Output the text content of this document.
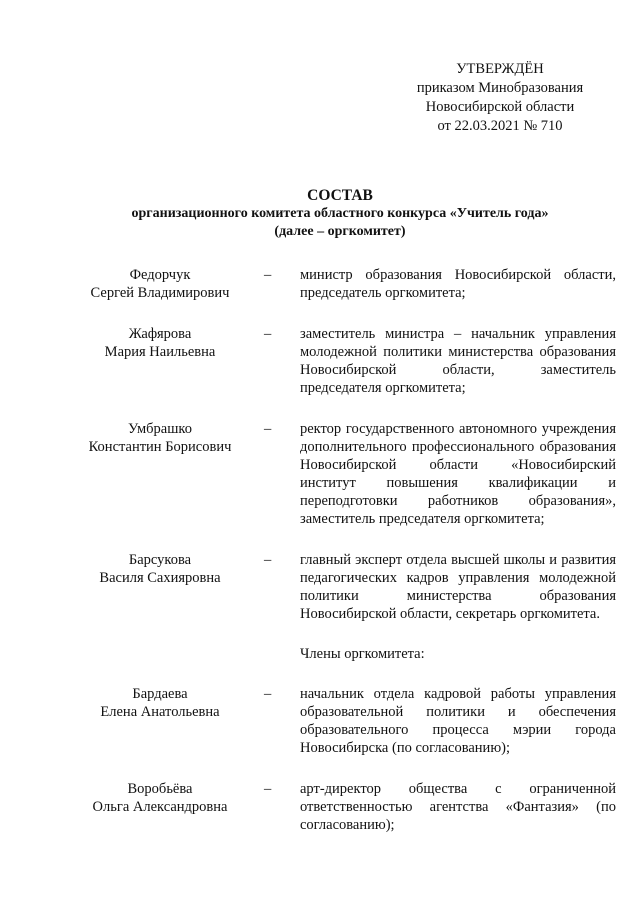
УТВЕРЖДЁН
приказом Минобразования
Новосибирской области
от 22.03.2021 № 710
СОСТАВ
организационного комитета областного конкурса «Учитель года»
(далее – оргкомитет)
Федорчук
Сергей Владимирович
–	министр образования Новосибирской области, председатель оргкомитета;
Жафярова
Мария Наильевна
–	заместитель министра – начальник управления молодежной политики министерства образования Новосибирской области, заместитель председателя оргкомитета;
Умбрашко
Константин Борисович
–	ректор государственного автономного учреждения дополнительного профессионального образования Новосибирской области «Новосибирский институт повышения квалификации и переподготовки работников образования», заместитель председателя оргкомитета;
Барсукова
Василя Сахияровна
–	главный эксперт отдела высшей школы и развития педагогических кадров управления молодежной политики министерства образования Новосибирской области, секретарь оргкомитета.
Члены оргкомитета:
Бардаева
Елена Анатольевна
–	начальник отдела кадровой работы управления образовательной политики и обеспечения образовательного процесса мэрии города Новосибирска (по согласованию);
Воробьёва
Ольга Александровна
–	арт-директор общества с ограниченной ответственностью агентства «Фантазия» (по согласованию);
